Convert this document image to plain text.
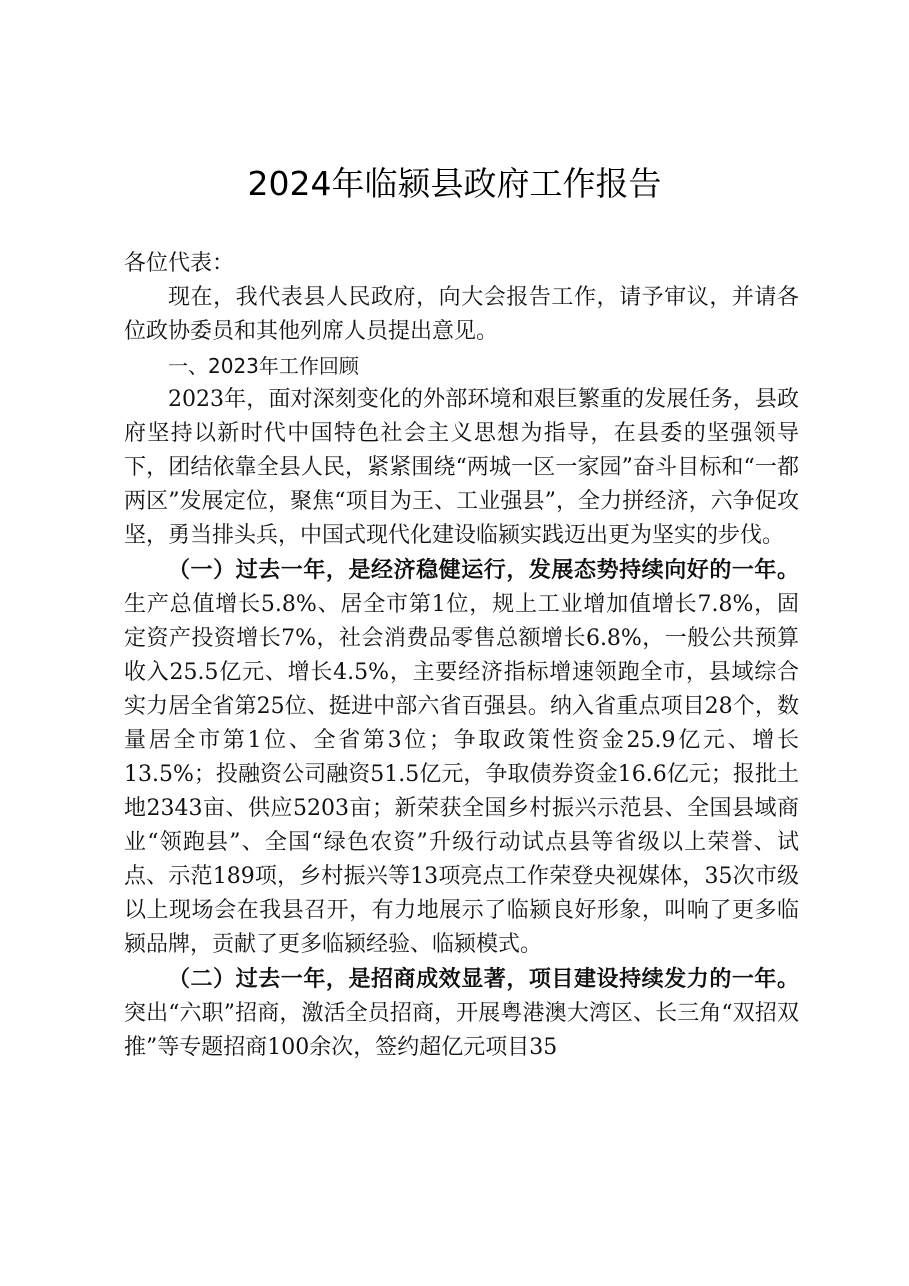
2024年临颍县政府工作报告

各位代表：

现在，我代表县人民政府，向大会报告工作，请予审议，并请各位政协委员和其他列席人员提出意见。

一、2023年工作回顾

2023年，面对深刻变化的外部环境和艰巨繁重的发展任务，县政府坚持以新时代中国特色社会主义思想为指导，在县委的坚强领导下，团结依靠全县人民，紧紧围绕“两城一区一家园”奋斗目标和“一都两区”发展定位，聚焦“项目为王、工业强县”，全力拼经济，六争促攻坚，勇当排头兵，中国式现代化建设临颍实践迈出更为坚实的步伐。

（一）过去一年，是经济稳健运行，发展态势持续向好的一年。生产总值增长5.8%、居全市第1位，规上工业增加值增长7.8%，固定资产投资增长7%，社会消费品零售总额增长6.8%，一般公共预算收入25.5亿元、增长4.5%，主要经济指标增速领跑全市，县域综合实力居全省第25位、挺进中部六省百强县。纳入省重点项目28个，数量居全市第1位、全省第3位；争取政策性资金25.9亿元、增长13.5%；投融资公司融资51.5亿元，争取债券资金16.6亿元；报批土地2343亩、供应5203亩；新荣获全国乡村振兴示范县、全国县域商业“领跑县”、全国“绿色农资”升级行动试点县等省级以上荣誉、试点、示范189项，乡村振兴等13项亮点工作荣登央视媒体，35次市级以上现场会在我县召开，有力地展示了临颍良好形象，叫响了更多临颍品牌，贡献了更多临颍经验、临颍模式。

（二）过去一年，是招商成效显著，项目建设持续发力的一年。突出“六职”招商，激活全员招商，开展粤港澳大湾区、长三角“双招双推”等专题招商100余次，签约超亿元项目35
